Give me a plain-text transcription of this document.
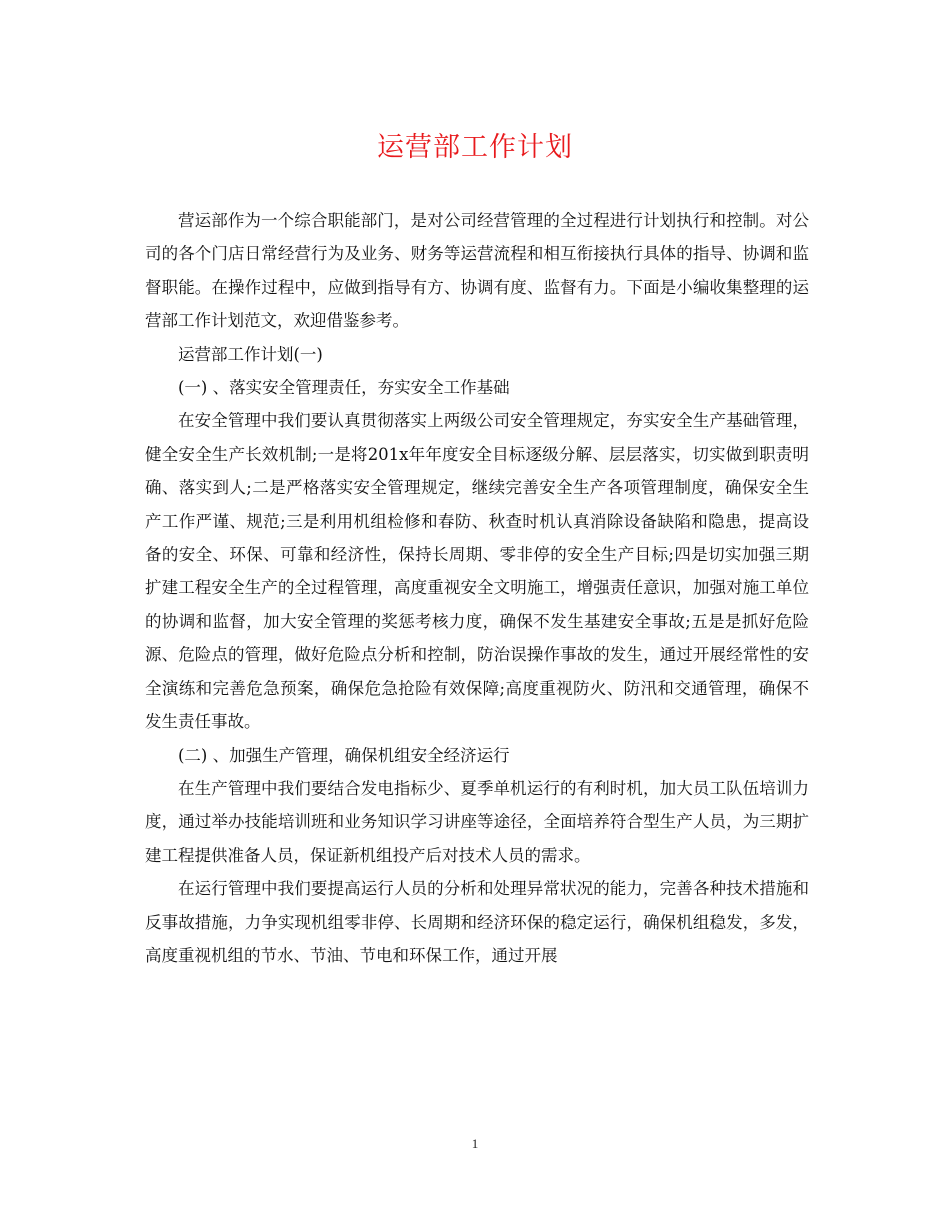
运营部工作计划

营运部作为一个综合职能部门，是对公司经营管理的全过程进行计划执行和控制。对公司的各个门店日常经营行为及业务、财务等运营流程和相互衔接执行具体的指导、协调和监督职能。在操作过程中，应做到指导有方、协调有度、监督有力。下面是小编收集整理的运营部工作计划范文，欢迎借鉴参考。

运营部工作计划(一)

(一) 、落实安全管理责任，夯实安全工作基础

在安全管理中我们要认真贯彻落实上两级公司安全管理规定，夯实安全生产基础管理，健全安全生产长效机制;一是将201x年年度安全目标逐级分解、层层落实，切实做到职责明确、落实到人;二是严格落实安全管理规定，继续完善安全生产各项管理制度，确保安全生产工作严谨、规范;三是利用机组检修和春防、秋查时机认真消除设备缺陷和隐患，提高设备的安全、环保、可靠和经济性，保持长周期、零非停的安全生产目标;四是切实加强三期扩建工程安全生产的全过程管理，高度重视安全文明施工，增强责任意识，加强对施工单位的协调和监督，加大安全管理的奖惩考核力度，确保不发生基建安全事故;五是是抓好危险源、危险点的管理，做好危险点分析和控制，防治误操作事故的发生，通过开展经常性的安全演练和完善危急预案，确保危急抢险有效保障;高度重视防火、防汛和交通管理，确保不发生责任事故。

(二) 、加强生产管理，确保机组安全经济运行

在生产管理中我们要结合发电指标少、夏季单机运行的有利时机，加大员工队伍培训力度，通过举办技能培训班和业务知识学习讲座等途径，全面培养符合型生产人员，为三期扩建工程提供准备人员，保证新机组投产后对技术人员的需求。

在运行管理中我们要提高运行人员的分析和处理异常状况的能力，完善各种技术措施和反事故措施，力争实现机组零非停、长周期和经济环保的稳定运行，确保机组稳发，多发，高度重视机组的节水、节油、节电和环保工作，通过开展

1
